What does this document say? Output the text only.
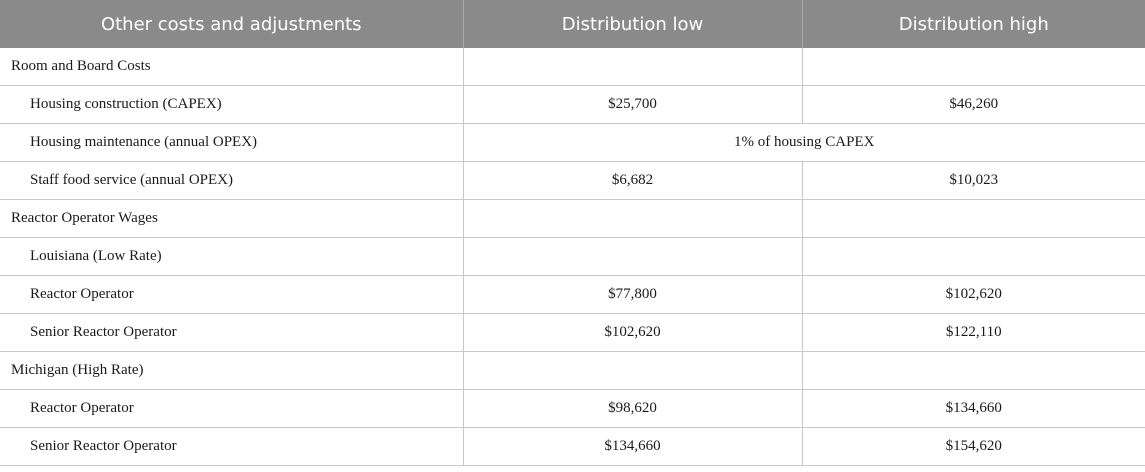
Other costs and adjustments	Distribution low	Distribution high
Room and Board Costs		
Housing construction (CAPEX)	$25,700	$46,260
Housing maintenance (annual OPEX)	1% of housing CAPEX	
Staff food service (annual OPEX)	$6,682	$10,023
Reactor Operator Wages		
Louisiana (Low Rate)		
Reactor Operator	$77,800	$102,620
Senior Reactor Operator	$102,620	$122,110
Michigan (High Rate)		
Reactor Operator	$98,620	$134,660
Senior Reactor Operator	$134,660	$154,620
